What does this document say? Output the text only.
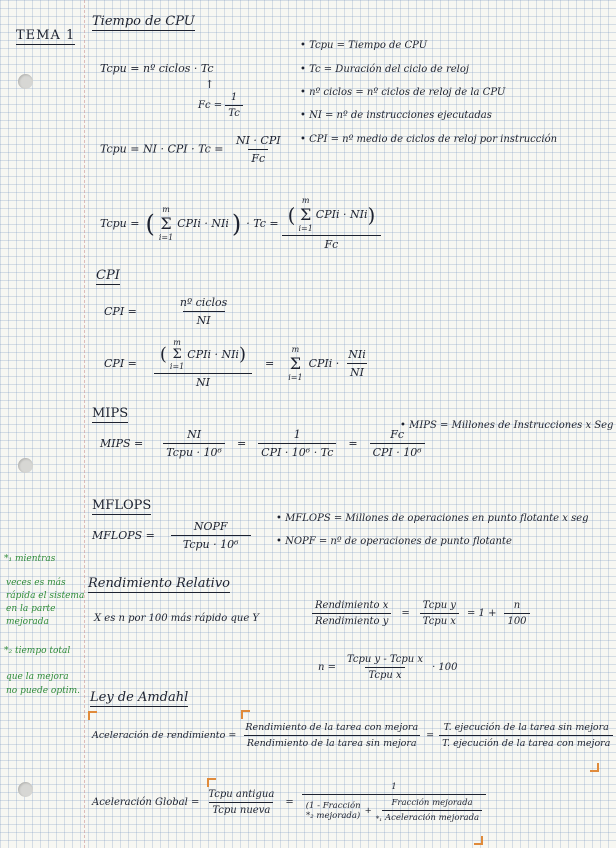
TEMA 1
Tiempo de CPU
Tcpu = nº ciclos · Tc
↑
$Fc = \frac{1}{Tc}$
Tcpu = NI · CPI · $Tc = \frac{\text{NI · CPI}}{Fc}$
Tcpu = ( m
Σ
i=1
CPIi · NIi ) · Tc = (
m
Σ
i=1
CPIi · NIi )
Fc
• Tcpu = Tiempo de CPU
• Tc = Duración del ciclo de reloj
• nº ciclos = nº ciclos de reloj de la CPU
• NI = nº de instrucciones ejecutadas
• CPI = nº medio de ciclos de reloj por instrucción
CPI
CPI =	$\frac{\text{nº ciclos}}{NI}$
CPI = (
m
Σ
i=1
CPIi · NIi )
NI
=
m
Σ
i=1
CPIi · $\frac{\text{NIi}}{NI}$
MIPS
MIPS = $\frac{NI}{\text{Tcpu · 10⁶}} = \frac{1}{\text{CPI · 10⁶ · Tc}} = \frac{Fc}{\text{CPI · 10⁶}}$
• MIPS = Millones de Instrucciones x Seg
MFLOPS
MFLOPS = $\frac{\text{NOPF}}{\text{Tcpu · 10⁶}}$
• MFLOPS = Millones de operaciones en punto flotante x seg
• NOPF = nº de operaciones de punto flotante
*₁ mientras
veces es más
rápida el sistema
en la parte
mejorada
*₂ tiempo total
que la mejora
no puede optim.
Rendimiento Relativo
X es n por 100 más rápido que Y	$\frac{\text{Rendimiento x}}{\text{Rendimiento y}} = \frac{\text{Tcpu y}}{\text{Tcpu x}} = 1 + \frac{n}{100}$
$n = \frac{\text{Tcpu y - Tcpu x}}{\text{Tcpu x}} \cdot 100$
Ley de Amdahl
Aceleración de rendimiento = $\frac{\text{Rendimiento de la tarea con mejora}}{\text{Rendimiento de la tarea sin mejora}} = \frac{\text{T. ejecución de la tarea sin mejora}}{\text{T. ejecución de la tarea con mejora}}$
Aceleración Global = $\frac{\text{Tcpu antigua}}{\text{Tcpu nueva}}$ =
1
(1 - Fracción
*₂ mejorada) +
$*_1 \frac{\text{Fracción mejorada}}{\text{Aceleración mejorada}}$
